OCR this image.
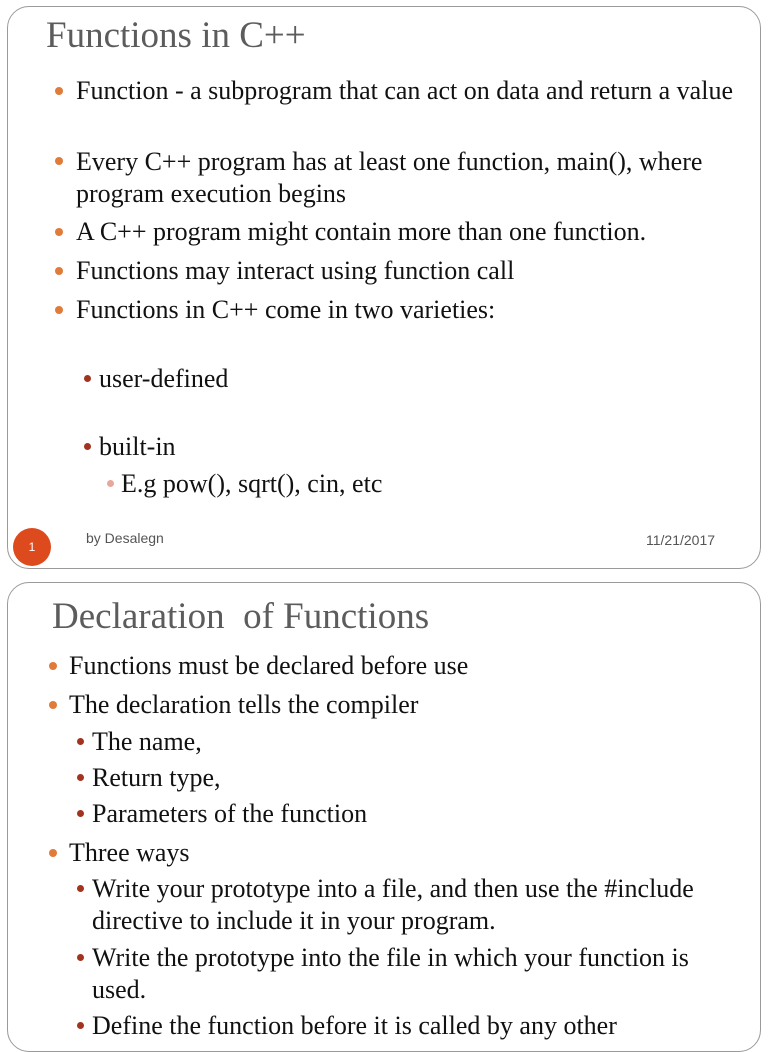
Functions in C++
Function - a subprogram that can act on data and return a value
Every C++ program has at least one function, main(), where program execution begins
A C++ program might contain more than one function.
Functions may interact using function call
Functions in C++ come in two varieties:
user-defined
built-in
E.g pow(), sqrt(), cin, etc
1
by Desalegn	11/21/2017
Declaration  of Functions
Functions must be declared before use
The declaration tells the compiler
The name,
Return type,
Parameters of the function
Three ways
Write your prototype into a file, and then use the #include directive to include it in your program.
Write the prototype into the file in which your function is used.
Define the function before it is called by any other
